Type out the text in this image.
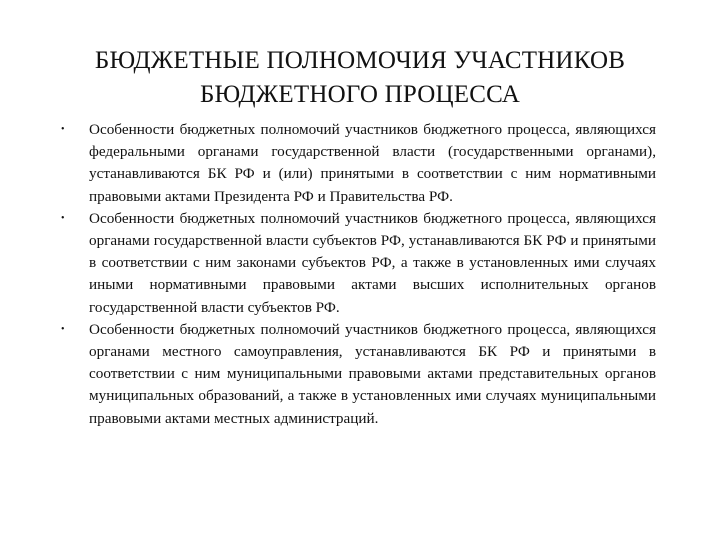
БЮДЖЕТНЫЕ ПОЛНОМОЧИЯ УЧАСТНИКОВ
БЮДЖЕТНОГО ПРОЦЕССА
• Особенности бюджетных полномочий участников бюджетного процесса, являющихся федеральными органами государственной власти (государственными органами), устанавливаются БК РФ и (или) принятыми в соответствии с ним нормативными правовыми актами Президента РФ и Правительства РФ.
• Особенности бюджетных полномочий участников бюджетного процесса, являющихся органами государственной власти субъектов РФ, устанавливаются БК РФ и принятыми в соответствии с ним законами субъектов РФ, а также в установленных ими случаях иными нормативными правовыми актами высших исполнительных органов государственной власти субъектов РФ.
• Особенности бюджетных полномочий участников бюджетного процесса, являющихся органами местного самоуправления, устанавливаются БК РФ и принятыми в соответствии с ним муниципальными правовыми актами представительных органов муниципальных образований, а также в установленных ими случаях муниципальными правовыми актами местных администраций.
